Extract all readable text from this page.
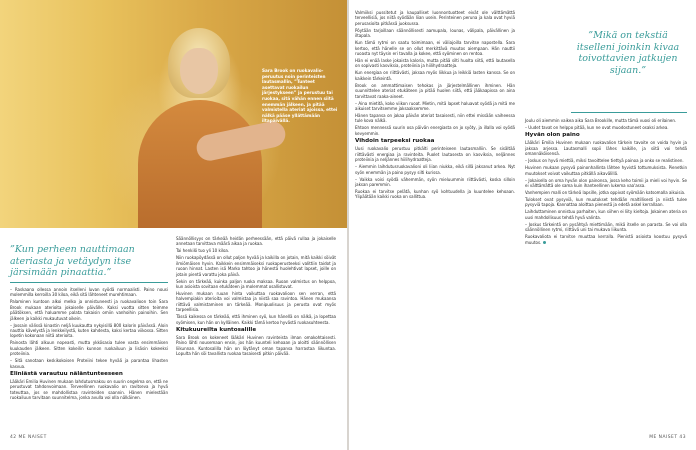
Sara Brook on ruokavalio-peruutus noin perinteisten lautasmallin, ”Tunteet asettavat ruokailun järjestykseen” ja perustuu tai ruokaa, sitä vähän ennen siitä enemmän jälkeen, ja pitää valmistella ateriat ajoissa, ettei nälkä pääse yllättämään iltapäivällä.
”Kun perheen nauttimaan ateriasta ja vetäydyn itse järsimään pinaattia.”

– Raskaana ollessa annoin itselleni luvan syödä normaalisti. Paino nousi molemmilla kerroilla 30 kiloa, eikä sitä lähteneet murehtimaan.

Palaminen kuntoon alkoi melko ja onnistuneesti ja ruokavalioon toin Sara Brook mukaan aterioita jokaiselle päivälle. Kaksi vuotta sitten teimme päätöksen, että haluamme palata takaisin omiin vanhoihin painoihin. Sen jälkeen ja kaikki mukautuvat oikein.

– Jossain välissä kinastin neljä kuukautta nykyisillä 800 kalorin päivässä. Aloin nauttia kävelystä ja lenkkeilystä, kuten kahdesta, kaksi kertaa viikossa. Sitten lopetin kokonaan niitä aterioita.

Painosta lähti alkuun nopeasti, mutta ykkösasia tulee vasta ensimmäisen kuukauden jälkeen. Sitten kokeilin kunnon ruokailuun ja lisäsin kokeeksi proteiinia.

– Sitä sanotaan keskikokoisen Proteiini tekee hyvää ja parantaa lihasten kasvua.

Eliniästä varautuu näläntunteeseen

Lääkäri Emilia Huvinen mukaan lahdutusmaksu on suurin ongelma on, että ne perustuvat tahdonvoimaan. Terveellinen ruokavalio on ravitseva ja hyvä toteuttaa, jos se mahdollistaa ravinteiden saannin. Hänen mielestään ruokailuun tarvitaan suunnitelma, jonka avulla voi olla nälkäinen.

Säännöllisyys on tärkeää heidän perheessään, että päivä rullaa ja jokaiselle annetaan tarvittava määrä aikaa ja ruokaa.

Tai henkilö tuo yli 10 kiloa.

Niin ruokapöydässä on ollut paljon hyvää ja kaikilla on jotain, mitä kaikki söivät ilmiömäisen hyvin. Kaikkein ensimmäiseksi ruokaperusteeksi valittiin taidot ja ruoan hinnat. Lasten isä Marko tahtoo ja hänestä huolehtivat lapset, joille on jotain pientä varattu joka päivä.

Sekin on tärkeää, kuinka paljon ruoka maksaa. Ruoan valmistus on helppoa, kun asioista sovitaan etukäteen ja molemmat osallistuvat.

Huvinen mukaan ruuan hinta vaikuttaa ruokavalioon sen verran, että halvempiakin aterioita voi valmistaa ja niistä saa ravintoa. Hänen mukaansa riittävä valmistaminen on tärkeää. Monipuolisuus ja perusta ovat myös tarpeellisia.

Tässä kaikessa on tärkeää, että ihminen syö, kun hänellä on nälkä, ja lopettaa syömisen, kun hän on kylläinen. Kaikki tämä kertoo hyvästä ruokasuhteesta.

Kitukuureilta kuntosalille

Sara Brook on kokeneet lääkäri Huvinen ravinteista ilman omakohtaisesti. Paino lähti nousemaan ensin, jos hän kuunteli kehoaan ja aloitti säännöllisen liikunnan. Kuntosalilla hän on löytänyt oman tapansa harrastaa liikuntaa. Lopulta hän söi tavallista ruokaa tasaisesti pitkin päivää.

42 ME NAISET

Valmiiksi pussitetut ja kaupalliset luonnontuotteet eivät ole välttämättä terveellisiä, jos niitä syödään liian usein. Perinteinen peruna ja kala ovat hyviä perusasioita pitkässä juoksussa.

Pöytään tarjoillaan säännöllisesti aamupala, lounas, välipala, päivällinen ja iltapala.

Kun tämä rytmi on saatu toimimaan, ei väliajoilla tarvitse napostella. Sara kertoo, että hänelle se on ollut merkittävä muutos aiempaan. Hän nauttii ruoasta nyt täysin eri tavalla ja kokee, että syöminen on rentoa.

Hän ei enää laske jokaista kaloria, mutta pitää silti huolta siitä, että lautasella on sopivasti kasviksia, proteiinia ja hiilihydraatteja.

Kun energiaa on riittävästi, jaksaa myös liikkua ja leikkiä lasten kanssa. Se on kaikkein tärkeintä.

Brook on ammattimaisen tehokas ja järjestelmällinen ihminen. Hän suunnittelee ateriat etukäteen ja pitää huolen siitä, että jääkaapissa on aina tarvittavat raaka-aineet.

– Aina mietitä, koko viikon ruoat. Mietin, mitä lapset haluavat syödä ja mitä me aikuiset tarvitsemme jaksaaksemme.

Hänen tapansa on jakaa päivän ateriat tasaisesti, niin ettei missään vaiheessa tule kova nälkä.

Ehtoon mennessä suurin osa päivän energiasta on jo syöty, ja illalla voi syödä kevyemmin.

Vihdoin tarpeeksi ruokaa

Uusi ruokavalio perustuu pitkälti perinteiseen lautasmalliin. Se sisältää riittävästi energiaa ja ravinteita. Puolet lautasesta on kasviksia, neljännes proteiinia ja neljännes hiilihydraatteja.

– Aiemmin laihdutusruokavalioni oli liian niukka, eikä sillä jaksanut arkea. Nyt syön enemmän ja paino pysyy silti kurissa.

– Vaikka voisi syödä vähemmän, syön mieluummin riittävästi, koska silloin jaksan paremmin.

Ruokaa ei tarvitse pelätä, kunhan syö kohtuudella ja kuuntelee kehoaan. Ylipäätään kaikki ruoka on sallittua.

”Mikä on tekstiä itselleni joinkin kivaa toivottavien jatkujen sijaan.”

Joulu oli aiemmin vaikea aika Sara Brookille, mutta tämä vuosi oli erilainen.

– Uudet tavat on helppo pitää, kun ne ovat muodostuneet osaksi arkea.

Hyvän olon paino

Lääkäri Emilia Huvinen mukaan ruokavalion tärkein tavoite on voida hyvin ja jaksaa arjessa. Lautasmalli sopii lähes kaikille, ja siitä voi tehdä omannäköisensä.

– Joskus on hyvä miettiä, miksi tavoittelee tiettyä painoa ja onko se realistinen.

Huvinen mukaan pysyvä painonhallinta lähtee hyvistä tottumuksista. Pienetkin muutokset voivat vaikuttaa pitkällä aikavälillä.

– Jokaisella on oma hyvän olon painonsa, jossa keho toimii ja mieli voi hyvin. Se ei välttämättä ole sama kuin ihanteellinen lukema vaa'assa.

Vanhempien malli on tärkeä lapsille, jotka oppivat syömään katsomalla aikuisia.

Tulokset ovat pysyviä, kun muutokset tehdään maltillisesti ja niistä tulee pysyviä tapoja. Kannattaa aloittaa pienestä ja edetä askel kerrallaan.

Laihduttaminen onnistuu parhaiten, kun siihen ei liity kieltoja. Jokainen ateria on uusi mahdollisuus tehdä hyvä valinta.

– Joskus tärkeintä on pysähtyä miettimään, mikä itselle on parasta. Se voi olla säännöllinen rytmi, riittävä uni tai mukava liikunta.

Ruokavaliota ei tarvitse muuttaa kerralla. Pienistä asioista koostuu pysyvä muutos.

ME NAISET 43
